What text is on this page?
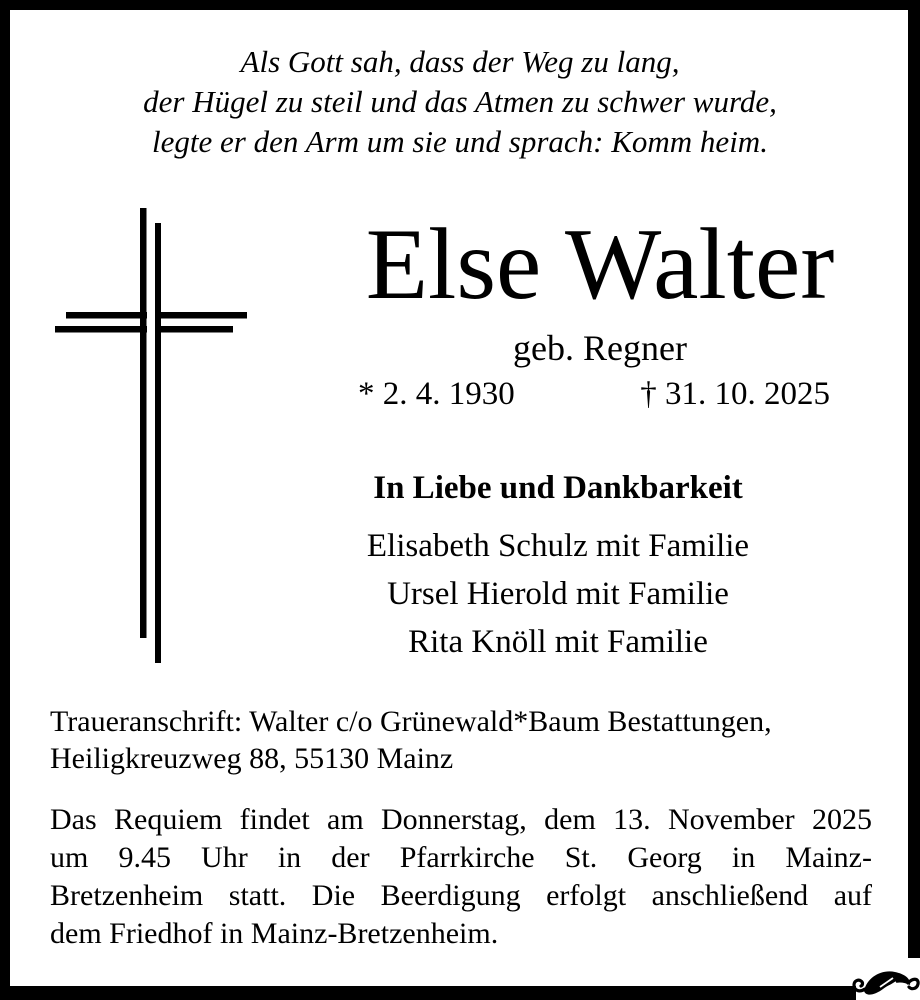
Als Gott sah, dass der Weg zu lang,
der Hügel zu steil und das Atmen zu schwer wurde,
legte er den Arm um sie und sprach: Komm heim.
Else Walter
geb. Regner
* 2. 4. 1930	† 31. 10. 2025
In Liebe und Dankbarkeit
Elisabeth Schulz mit Familie
Ursel Hierold mit Familie
Rita Knöll mit Familie
Traueranschrift: Walter c/o Grünewald*Baum Bestattungen,
Heiligkreuzweg 88, 55130 Mainz
Das Requiem findet am Donnerstag, dem 13. November 2025
um 9.45 Uhr in der Pfarrkirche St. Georg in Mainz-
Bretzenheim statt. Die Beerdigung erfolgt anschließend auf
dem Friedhof in Mainz-Bretzenheim.
